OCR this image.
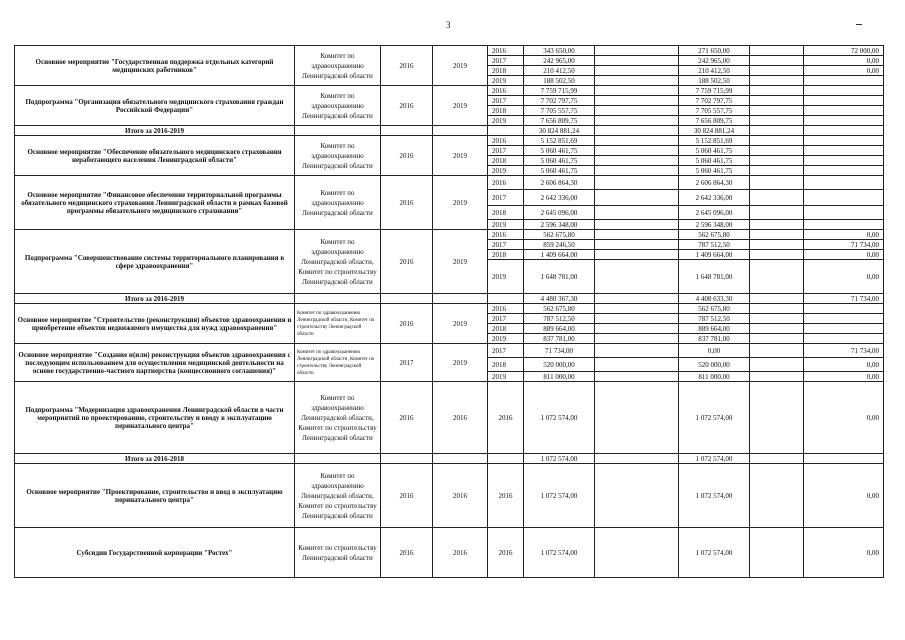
3
Основное мероприятие "Государственная поддержка отдельных категорий медицинских работников"	Комитет по здравоохранению Ленинградской области	2016	2019	2016	343 650,00		271 650,00		72 000,00
				2017	242 965,00		242 965,00		0,00
				2018	210 412,50		210 412,50		0,00
				2019	188 502,50		188 502,50		
Подпрограмма "Организация обязательного медицинского страхования граждан Российской Федерации"	Комитет по здравоохранению Ленинградской области	2016	2019	2016	7 759 715,99		7 759 715,99		
				2017	7 702 797,75		7 702 797,75		
				2018	7 705 557,75		7 705 557,75		
				2019	7 656 809,75		7 656 809,75		
Итого за 2016-2019					30 824 881,24		30 824 881,24		
Основное мероприятие "Обеспечение обязательного медицинского страхования неработающего населения Ленинградской области"	Комитет по здравоохранению Ленинградской области	2016	2019	2016	5 152 851,69		5 152 851,69		
				2017	5 060 461,75		5 060 461,75		
				2018	5 060 461,75		5 060 461,75		
				2019	5 060 461,75		5 060 461,75		
Основное мероприятие "Финансовое обеспечение территориальной программы обязательного медицинского страхования Ленинградской области в рамках базовой программы обязательного медицинского страхования"	Комитет по здравоохранению Ленинградской области	2016	2019	2016	2 606 864,30		2 606 864,30		
				2017	2 642 336,00		2 642 336,00		
				2018	2 645 096,00		2 645 096,00		
				2019	2 596 348,00		2 596 348,00		
Подпрограмма "Совершенствование системы территориального планирования в сфере здравоохранения"	Комитет по здравоохранению Ленинградской области, Комитет по строительству Ленинградской области	2016	2019	2016	562 675,80		562 675,80		0,00
				2017	859 246,50		787 512,50		71 734,00
				2018	1 409 664,00		1 409 664,00		0,00
				2019	1 648 781,00		1 648 781,00		0,00
Итого за 2016-2019					4 480 367,30		4 408 633,30		71 734,00
Основное мероприятие "Строительство (реконструкция) объектов здравоохранения и приобретение объектов недвижимого имущества для нужд здравоохранения"	Комитет по здравоохранению Ленинградской области, Комитет по строительству Ленинградской области	2016	2019	2016	562 675,80		562 675,80		
				2017	787 512,50		787 512,50		
				2018	889 664,00		889 664,00		
				2019	837 781,00		837 781,00		
Основное мероприятие "Создание и(или) реконструкция объектов здравоохранения с последующим использованием для осуществления медицинской деятельности на основе государственно-частного партнерства (концессионного соглашения)"	Комитет по здравоохранению Ленинградской области, Комитет по строительству Ленинградской области	2017	2019	2017	71 734,00		0,00		71 734,00
				2018	520 000,00		520 000,00		0,00
				2019	811 000,00		811 000,00		0,00
Подпрограмма "Модернизация здравоохранения Ленинградской области в части мероприятий по проектированию, строительству и вводу в эксплуатацию перинатального центра"	Комитет по здравоохранению Ленинградской области, Комитет по строительству Ленинградской области	2016	2016	2016	1 072 574,00		1 072 574,00		0,00
Итого за 2016-2018					1 072 574,00		1 072 574,00		
Основное мероприятие "Проектирование, строительство и ввод в эксплуатацию перинатального центра"	Комитет по здравоохранению Ленинградской области, Комитет по строительству Ленинградской области	2016	2016	2016	1 072 574,00		1 072 574,00		0,00
Субсидии Государственной корпорации "Ростех"	Комитет по строительству Ленинградской области	2016	2016	2016	1 072 574,00		1 072 574,00		0,00
